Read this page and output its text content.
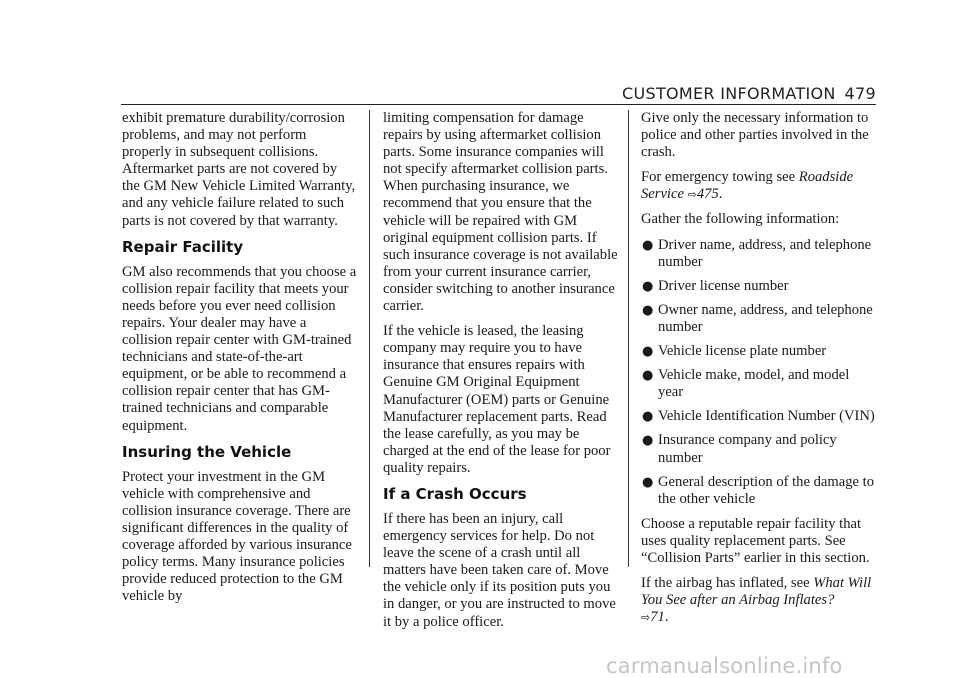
CUSTOMER INFORMATION 479

exhibit premature durability/corrosion problems, and may not perform properly in subsequent collisions. Aftermarket parts are not covered by the GM New Vehicle Limited Warranty, and any vehicle failure related to such parts is not covered by that warranty.

Repair Facility

GM also recommends that you choose a collision repair facility that meets your needs before you ever need collision repairs. Your dealer may have a collision repair center with GM-trained technicians and state-of-the-art equipment, or be able to recommend a collision repair center that has GM-trained technicians and comparable equipment.

Insuring the Vehicle

Protect your investment in the GM vehicle with comprehensive and collision insurance coverage. There are significant differences in the quality of coverage afforded by various insurance policy terms. Many insurance policies provide reduced protection to the GM vehicle by

limiting compensation for damage repairs by using aftermarket collision parts. Some insurance companies will not specify aftermarket collision parts. When purchasing insurance, we recommend that you ensure that the vehicle will be repaired with GM original equipment collision parts. If such insurance coverage is not available from your current insurance carrier, consider switching to another insurance carrier.

If the vehicle is leased, the leasing company may require you to have insurance that ensures repairs with Genuine GM Original Equipment Manufacturer (OEM) parts or Genuine Manufacturer replacement parts. Read the lease carefully, as you may be charged at the end of the lease for poor quality repairs.

If a Crash Occurs

If there has been an injury, call emergency services for help. Do not leave the scene of a crash until all matters have been taken care of. Move the vehicle only if its position puts you in danger, or you are instructed to move it by a police officer.

Give only the necessary information to police and other parties involved in the crash.

For emergency towing see Roadside Service ⇨475.

Gather the following information:

● Driver name, address, and telephone number
● Driver license number
● Owner name, address, and telephone number
● Vehicle license plate number
● Vehicle make, model, and model year
● Vehicle Identification Number (VIN)
● Insurance company and policy number
● General description of the damage to the other vehicle

Choose a reputable repair facility that uses quality replacement parts. See “Collision Parts” earlier in this section.

If the airbag has inflated, see What Will You See after an Airbag Inflates?
⇨71.

carmanualsonline.info
